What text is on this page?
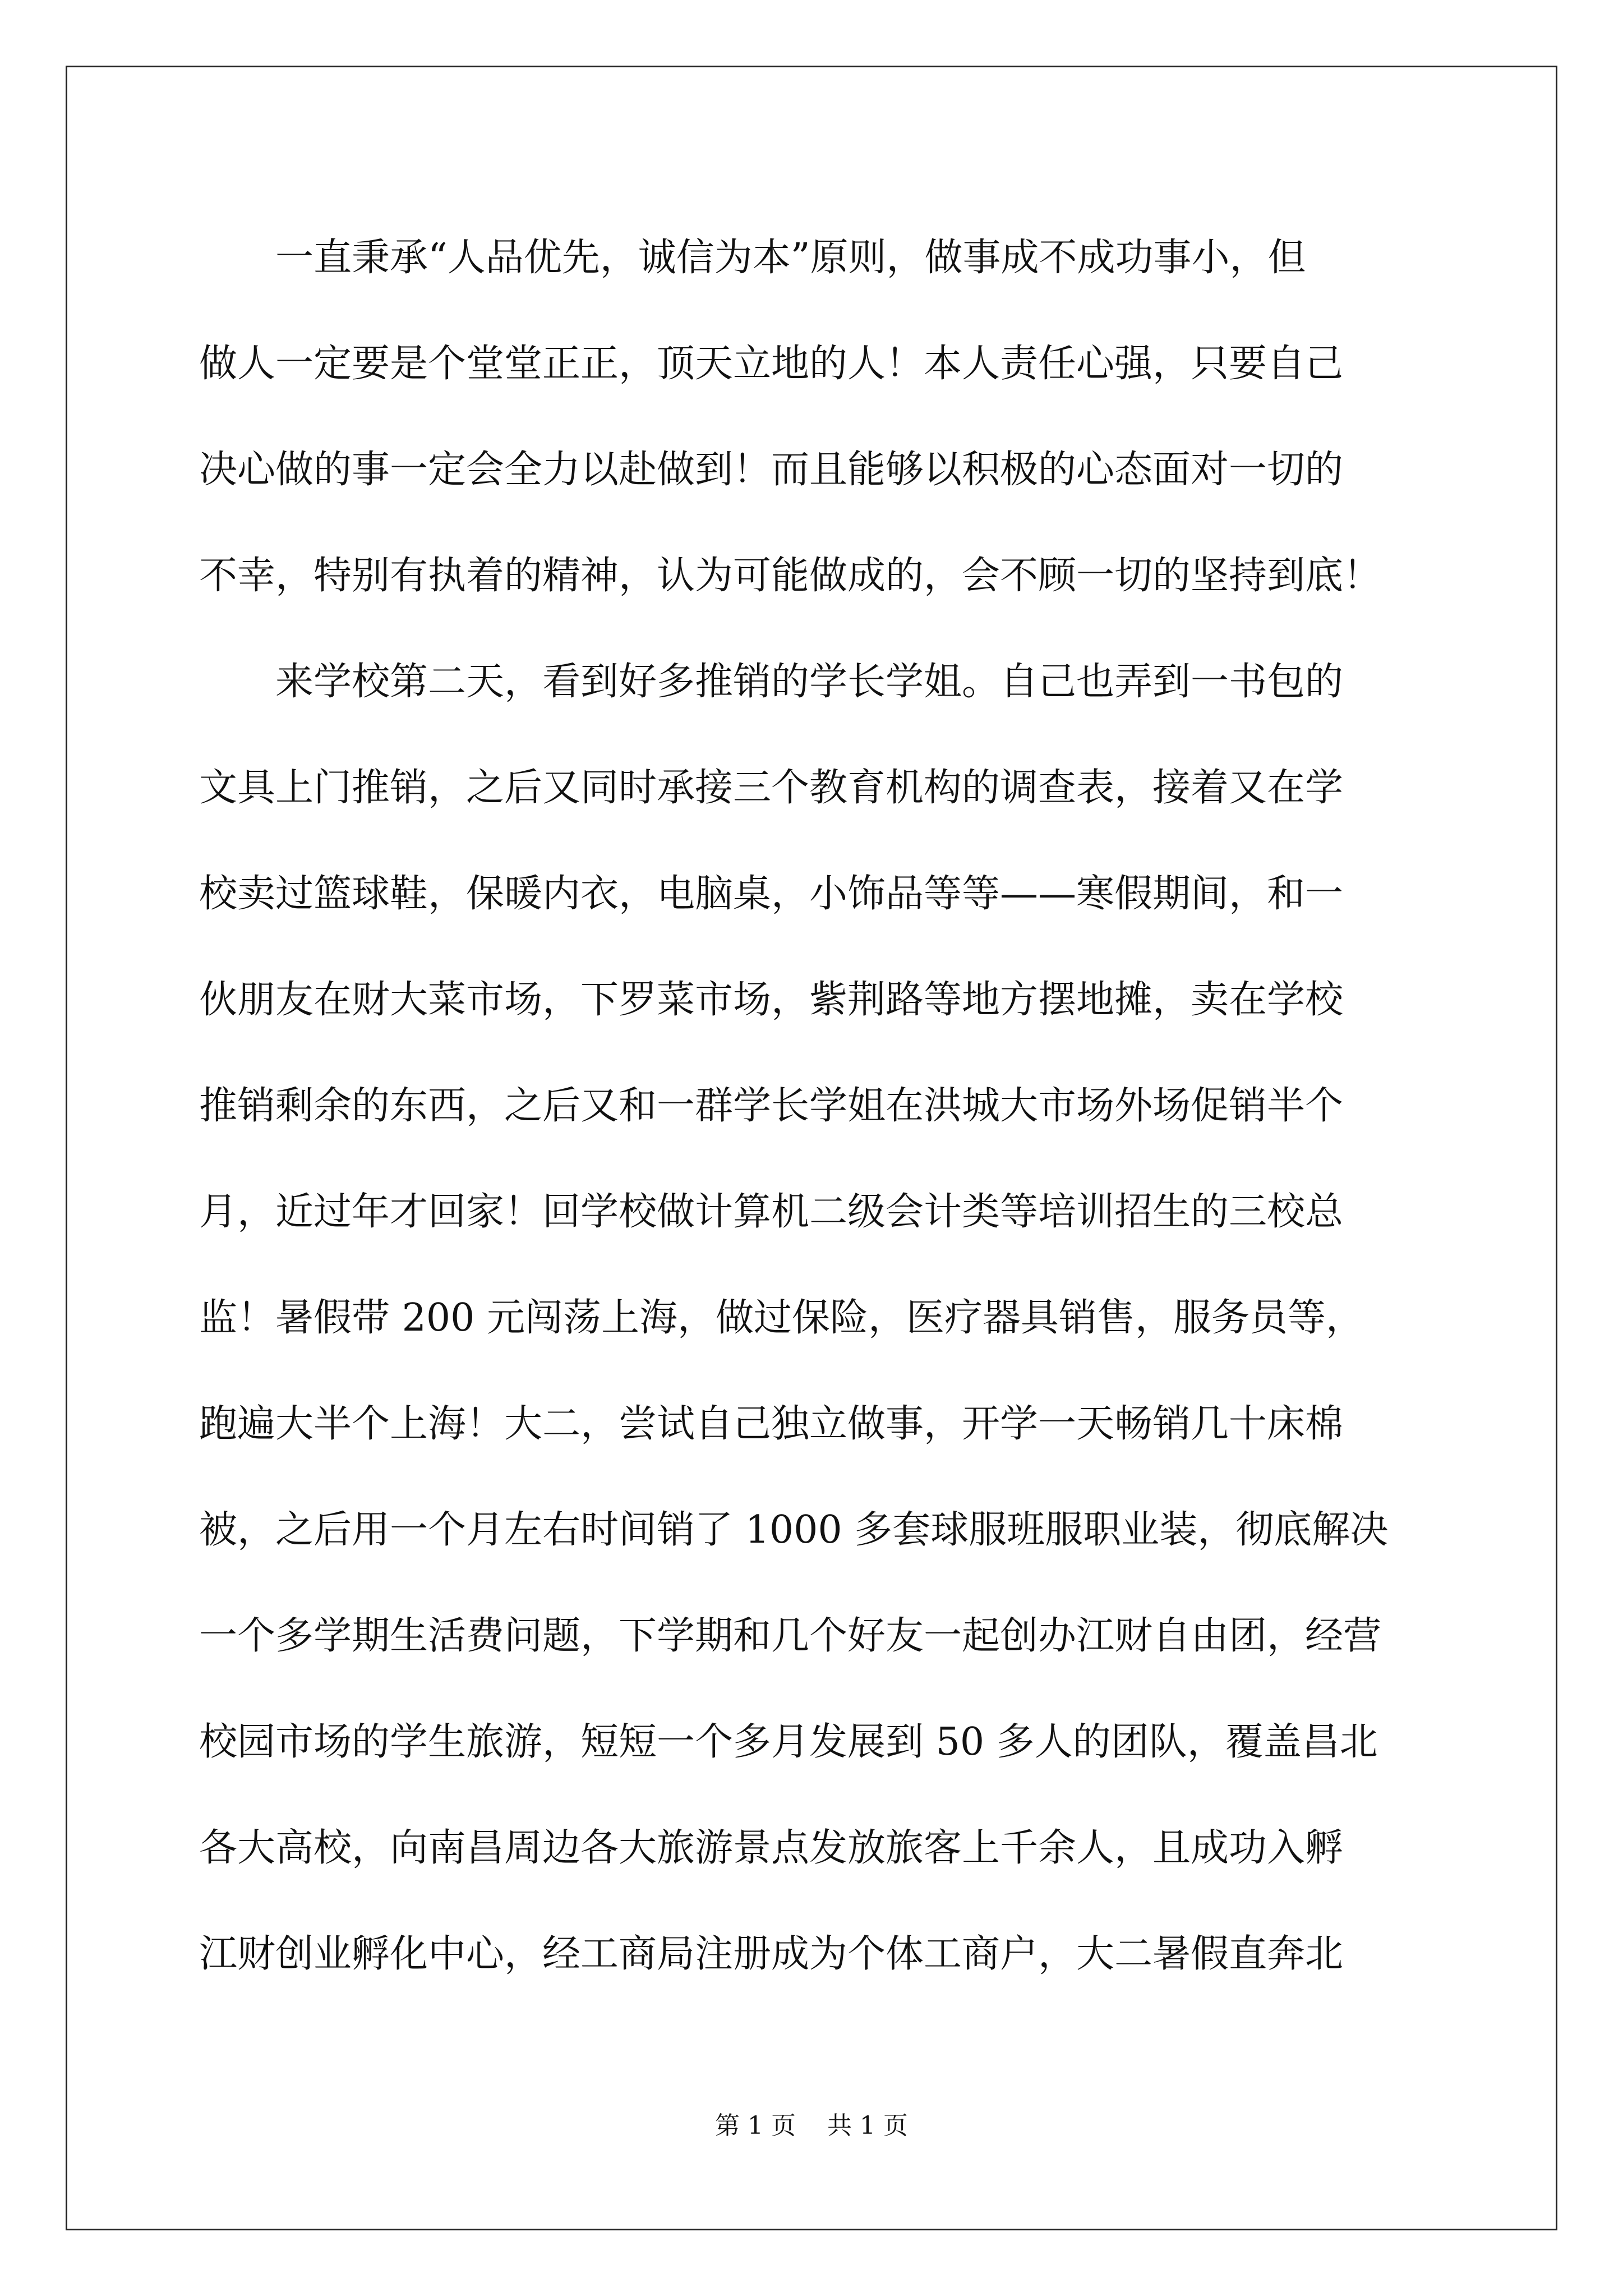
　　一直秉承“人品优先，诚信为本”原则，做事成不成功事小，但
做人一定要是个堂堂正正，顶天立地的人！本人责任心强，只要自己
决心做的事一定会全力以赴做到！而且能够以积极的心态面对一切的
不幸，特别有执着的精神，认为可能做成的，会不顾一切的坚持到底！
　　来学校第二天，看到好多推销的学长学姐。自己也弄到一书包的
文具上门推销，之后又同时承接三个教育机构的调查表，接着又在学
校卖过篮球鞋，保暖内衣，电脑桌，小饰品等等——寒假期间，和一
伙朋友在财大菜市场，下罗菜市场，紫荆路等地方摆地摊，卖在学校
推销剩余的东西，之后又和一群学长学姐在洪城大市场外场促销半个
月，近过年才回家！回学校做计算机二级会计类等培训招生的三校总
监！暑假带 200 元闯荡上海，做过保险，医疗器具销售，服务员等，
跑遍大半个上海！大二，尝试自己独立做事，开学一天畅销几十床棉
被，之后用一个月左右时间销了 1000 多套球服班服职业装，彻底解决
一个多学期生活费问题，下学期和几个好友一起创办江财自由团，经营
校园市场的学生旅游，短短一个多月发展到 50 多人的团队，覆盖昌北
各大高校，向南昌周边各大旅游景点发放旅客上千余人，且成功入孵
江财创业孵化中心，经工商局注册成为个体工商户，大二暑假直奔北
第 1 页    共 1 页
